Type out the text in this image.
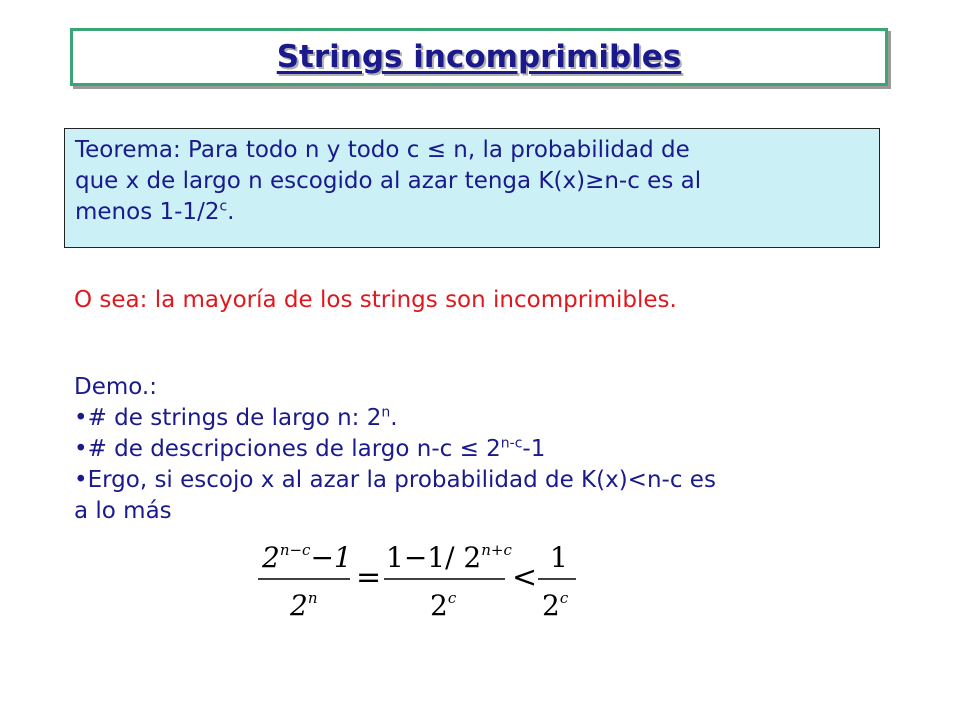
Strings incomprimibles
Teorema: Para todo n y todo c ≤ n, la probabilidad de
que x de largo n escogido al azar tenga K(x)≥n-c es al
menos 1-1/2$^c$.
O sea: la mayoría de los strings son incomprimibles.
Demo.:
•# de strings de largo n: 2$^n$.
•# de descripciones de largo $n-c \le 2^{n-c}-1$
•Ergo, si escojo x al azar la probabilidad de K(x)<n-c es
a lo más
$2^{n-c}-1$
$2^n$
=
1−1/ $2^{n+c}$
$2^c$
<
1
2$^c$
